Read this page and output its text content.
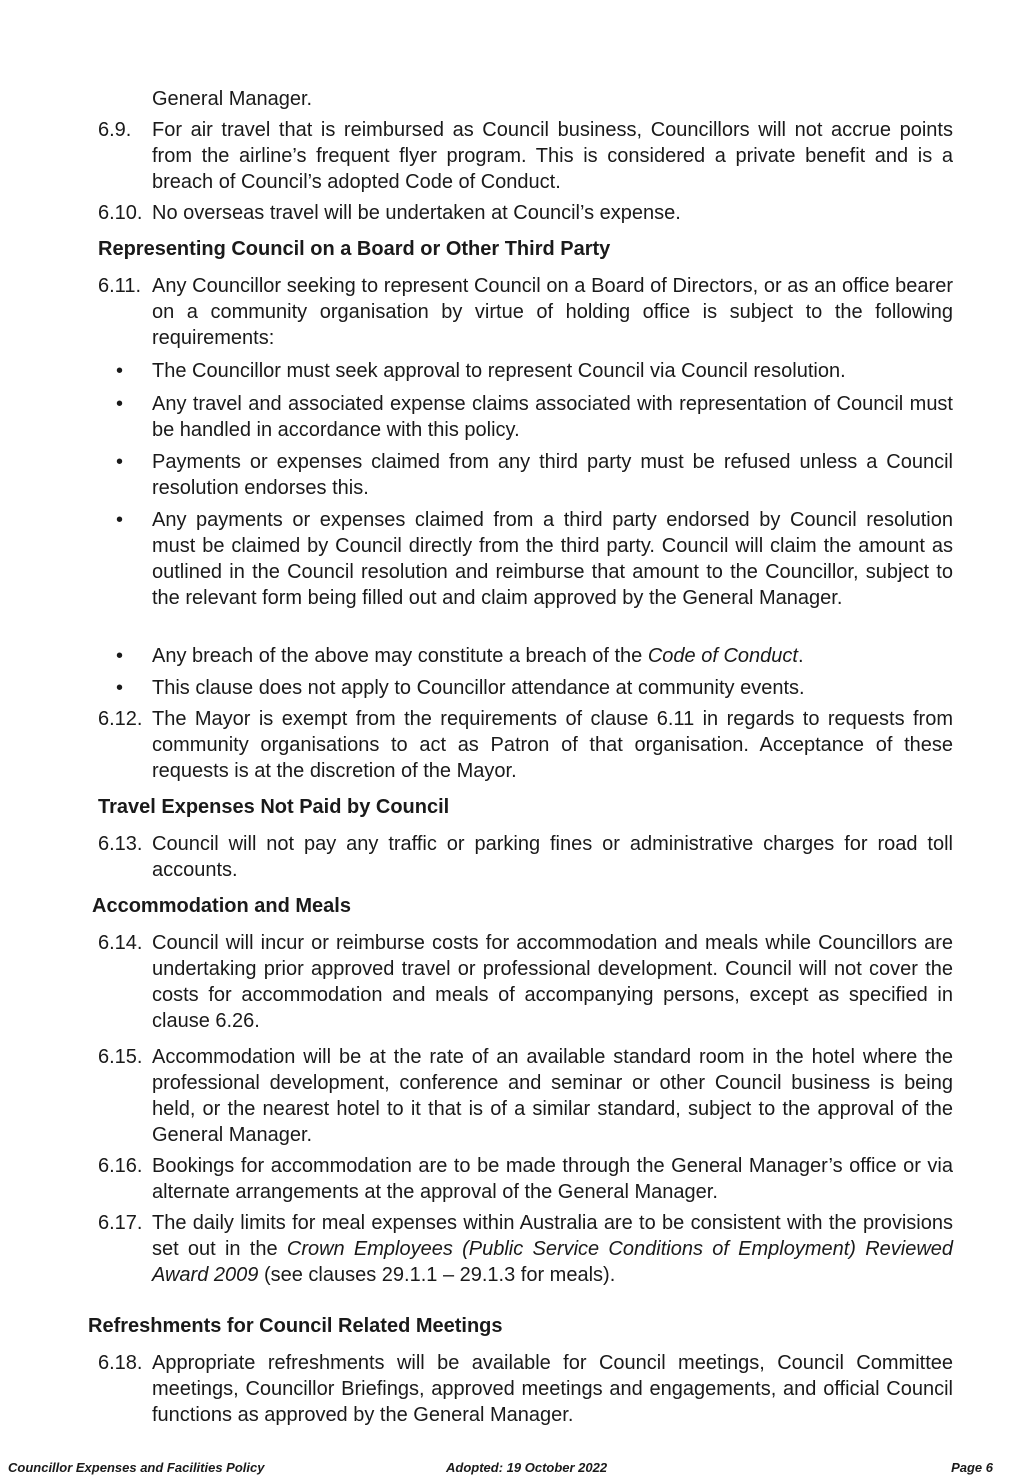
General Manager.
6.9. For air travel that is reimbursed as Council business, Councillors will not accrue points from the airline’s frequent flyer program. This is considered a private benefit and is a breach of Council’s adopted Code of Conduct.
6.10. No overseas travel will be undertaken at Council’s expense.
Representing Council on a Board or Other Third Party
6.11. Any Councillor seeking to represent Council on a Board of Directors, or as an office bearer on a community organisation by virtue of holding office is subject to the following requirements:
• The Councillor must seek approval to represent Council via Council resolution.
• Any travel and associated expense claims associated with representation of Council must be handled in accordance with this policy.
• Payments or expenses claimed from any third party must be refused unless a Council resolution endorses this.
• Any payments or expenses claimed from a third party endorsed by Council resolution must be claimed by Council directly from the third party. Council will claim the amount as outlined in the Council resolution and reimburse that amount to the Councillor, subject to the relevant form being filled out and claim approved by the General Manager.
• Any breach of the above may constitute a breach of the Code of Conduct.
• This clause does not apply to Councillor attendance at community events.
6.12. The Mayor is exempt from the requirements of clause 6.11 in regards to requests from community organisations to act as Patron of that organisation. Acceptance of these requests is at the discretion of the Mayor.
Travel Expenses Not Paid by Council
6.13. Council will not pay any traffic or parking fines or administrative charges for road toll accounts.
Accommodation and Meals
6.14. Council will incur or reimburse costs for accommodation and meals while Councillors are undertaking prior approved travel or professional development. Council will not cover the costs for accommodation and meals of accompanying persons, except as specified in clause 6.26.
6.15. Accommodation will be at the rate of an available standard room in the hotel where the professional development, conference and seminar or other Council business is being held, or the nearest hotel to it that is of a similar standard, subject to the approval of the General Manager.
6.16. Bookings for accommodation are to be made through the General Manager’s office or via alternate arrangements at the approval of the General Manager.
6.17. The daily limits for meal expenses within Australia are to be consistent with the provisions set out in the Crown Employees (Public Service Conditions of Employment) Reviewed Award 2009 (see clauses 29.1.1 – 29.1.3 for meals).
Refreshments for Council Related Meetings
6.18. Appropriate refreshments will be available for Council meetings, Council Committee meetings, Councillor Briefings, approved meetings and engagements, and official Council functions as approved by the General Manager.
Councillor Expenses and Facilities Policy	Adopted: 19 October 2022	Page 6
